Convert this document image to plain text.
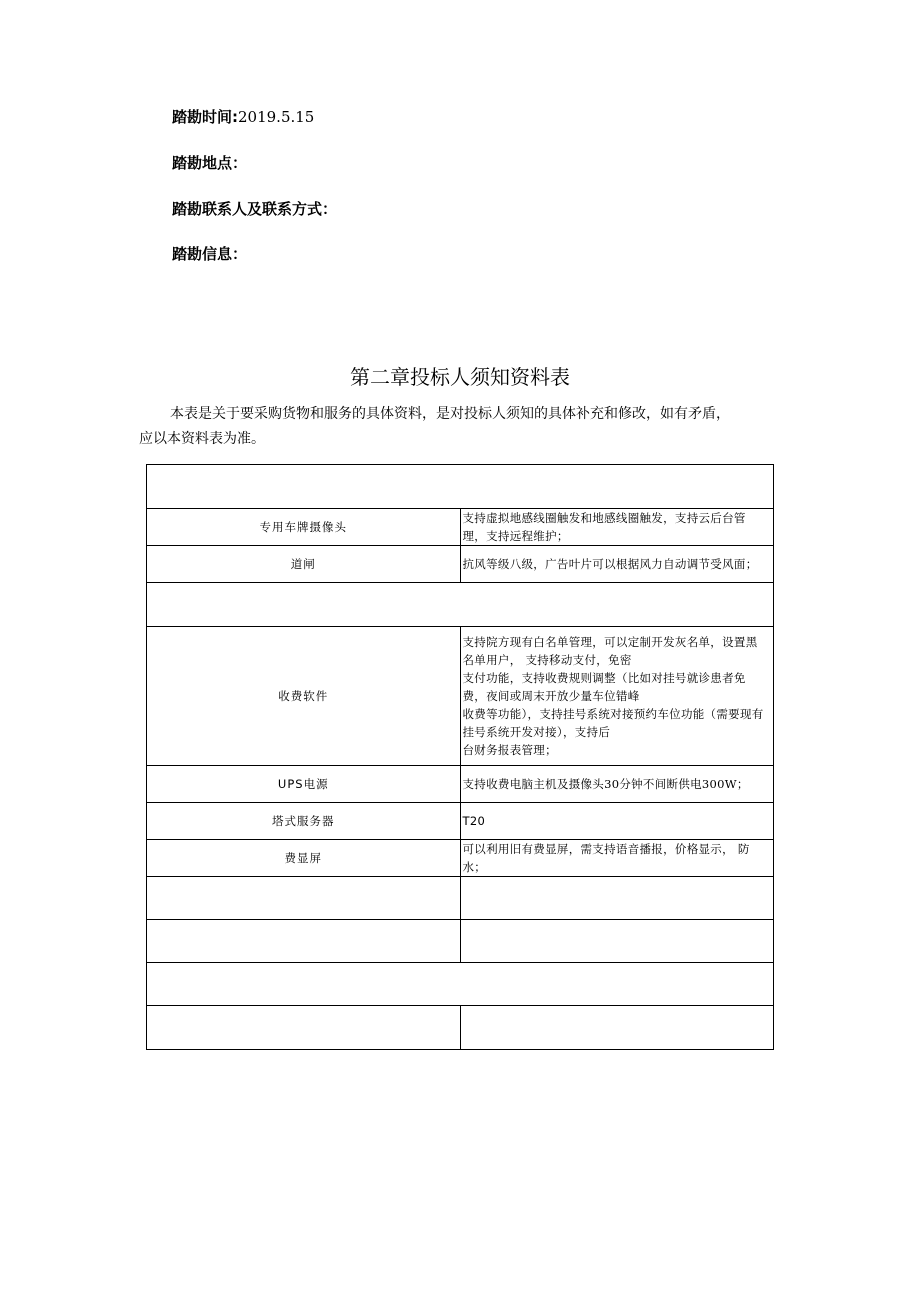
踏勘时间:2019.5.15
踏勘地点：
踏勘联系人及联系方式：
踏勘信息：
第二章投标人须知资料表

本表是关于要采购货物和服务的具体资料，是对投标人须知的具体补充和修改，如有矛盾，
应以本资料表为准。

专用车牌摄像头	支持虚拟地感线圈触发和地感线圈触发，支持云后台管理，支持远程维护；
道闸	抗风等级八级，广告叶片可以根据风力自动调节受风面；

收费软件	支持院方现有白名单管理，可以定制开发灰名单，设置黑名单用户， 支持移动支付，免密
支付功能，支持收费规则调整（比如对挂号就诊患者免费，夜间或周末开放少量车位错峰
收费等功能），支持挂号系统对接预约车位功能（需要现有挂号系统开发对接），支持后
台财务报表管理；

UPS电源	支持收费电脑主机及摄像头30分钟不间断供电300W；
塔式服务器	T20
费显屏	可以利用旧有费显屏，需支持语音播报，价格显示， 防水；
